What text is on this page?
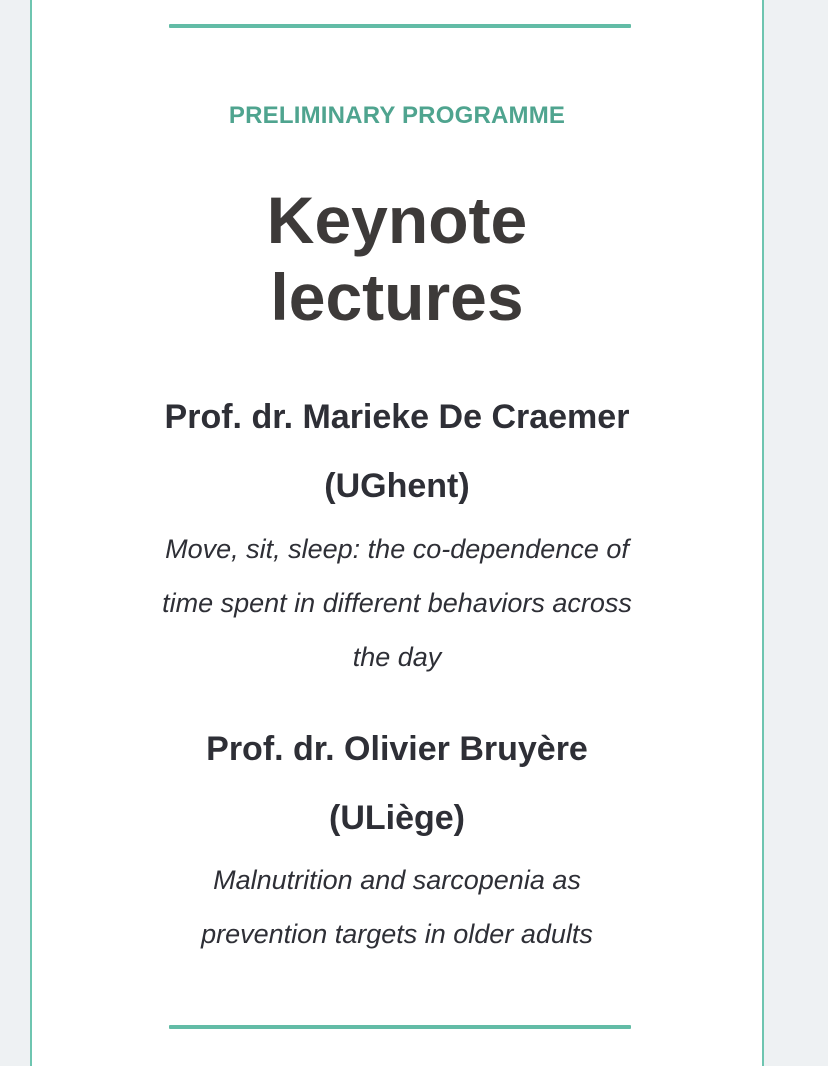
PRELIMINARY PROGRAMME
Keynote
lectures
Prof. dr. Marieke De Craemer
(UGhent)
Move, sit, sleep: the co-dependence of
time spent in different behaviors across
the day
Prof. dr. Olivier Bruyère
(ULiège)
Malnutrition and sarcopenia as
prevention targets in older adults
